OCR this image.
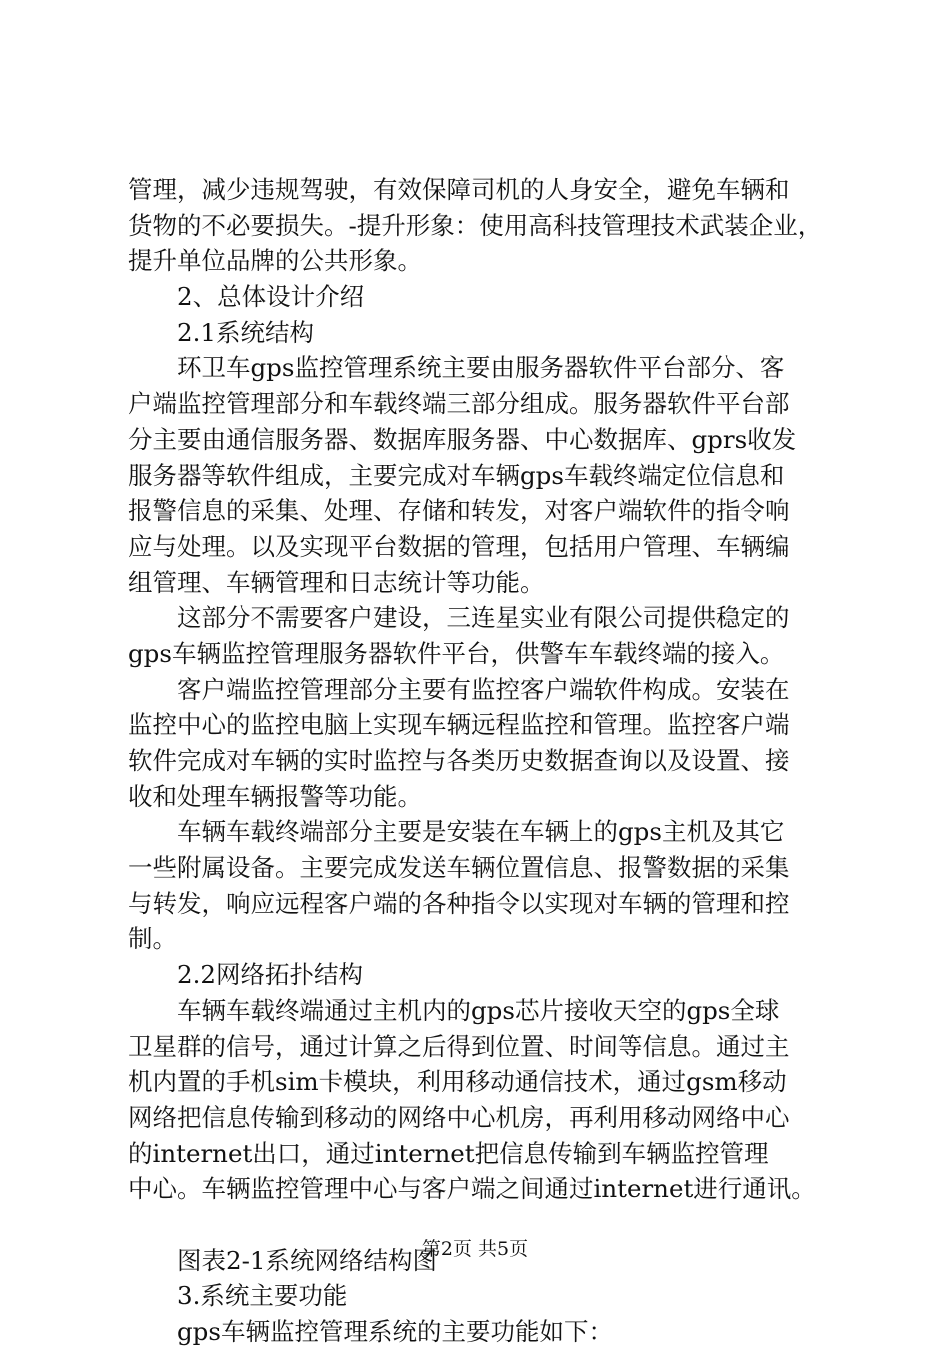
管理，减少违规驾驶，有效保障司机的人身安全，避免车辆和
货物的不必要损失。-提升形象：使用高科技管理技术武装企业，
提升单位品牌的公共形象。
2、总体设计介绍
2.1系统结构
环卫车gps监控管理系统主要由服务器软件平台部分、客
户端监控管理部分和车载终端三部分组成。服务器软件平台部
分主要由通信服务器、数据库服务器、中心数据库、gprs收发
服务器等软件组成，主要完成对车辆gps车载终端定位信息和
报警信息的采集、处理、存储和转发，对客户端软件的指令响
应与处理。以及实现平台数据的管理，包括用户管理、车辆编
组管理、车辆管理和日志统计等功能。
这部分不需要客户建设，三连星实业有限公司提供稳定的
gps车辆监控管理服务器软件平台，供警车车载终端的接入。
客户端监控管理部分主要有监控客户端软件构成。安装在
监控中心的监控电脑上实现车辆远程监控和管理。监控客户端
软件完成对车辆的实时监控与各类历史数据查询以及设置、接
收和处理车辆报警等功能。
车辆车载终端部分主要是安装在车辆上的gps主机及其它
一些附属设备。主要完成发送车辆位置信息、报警数据的采集
与转发，响应远程客户端的各种指令以实现对车辆的管理和控
制。
2.2网络拓扑结构
车辆车载终端通过主机内的gps芯片接收天空的gps全球
卫星群的信号，通过计算之后得到位置、时间等信息。通过主
机内置的手机sim卡模块，利用移动通信技术，通过gsm移动
网络把信息传输到移动的网络中心机房，再利用移动网络中心
的internet出口，通过internet把信息传输到车辆监控管理
中心。车辆监控管理中心与客户端之间通过internet进行通讯。
图表2-1系统网络结构图
3.系统主要功能
gps车辆监控管理系统的主要功能如下：
第2页 共5页
